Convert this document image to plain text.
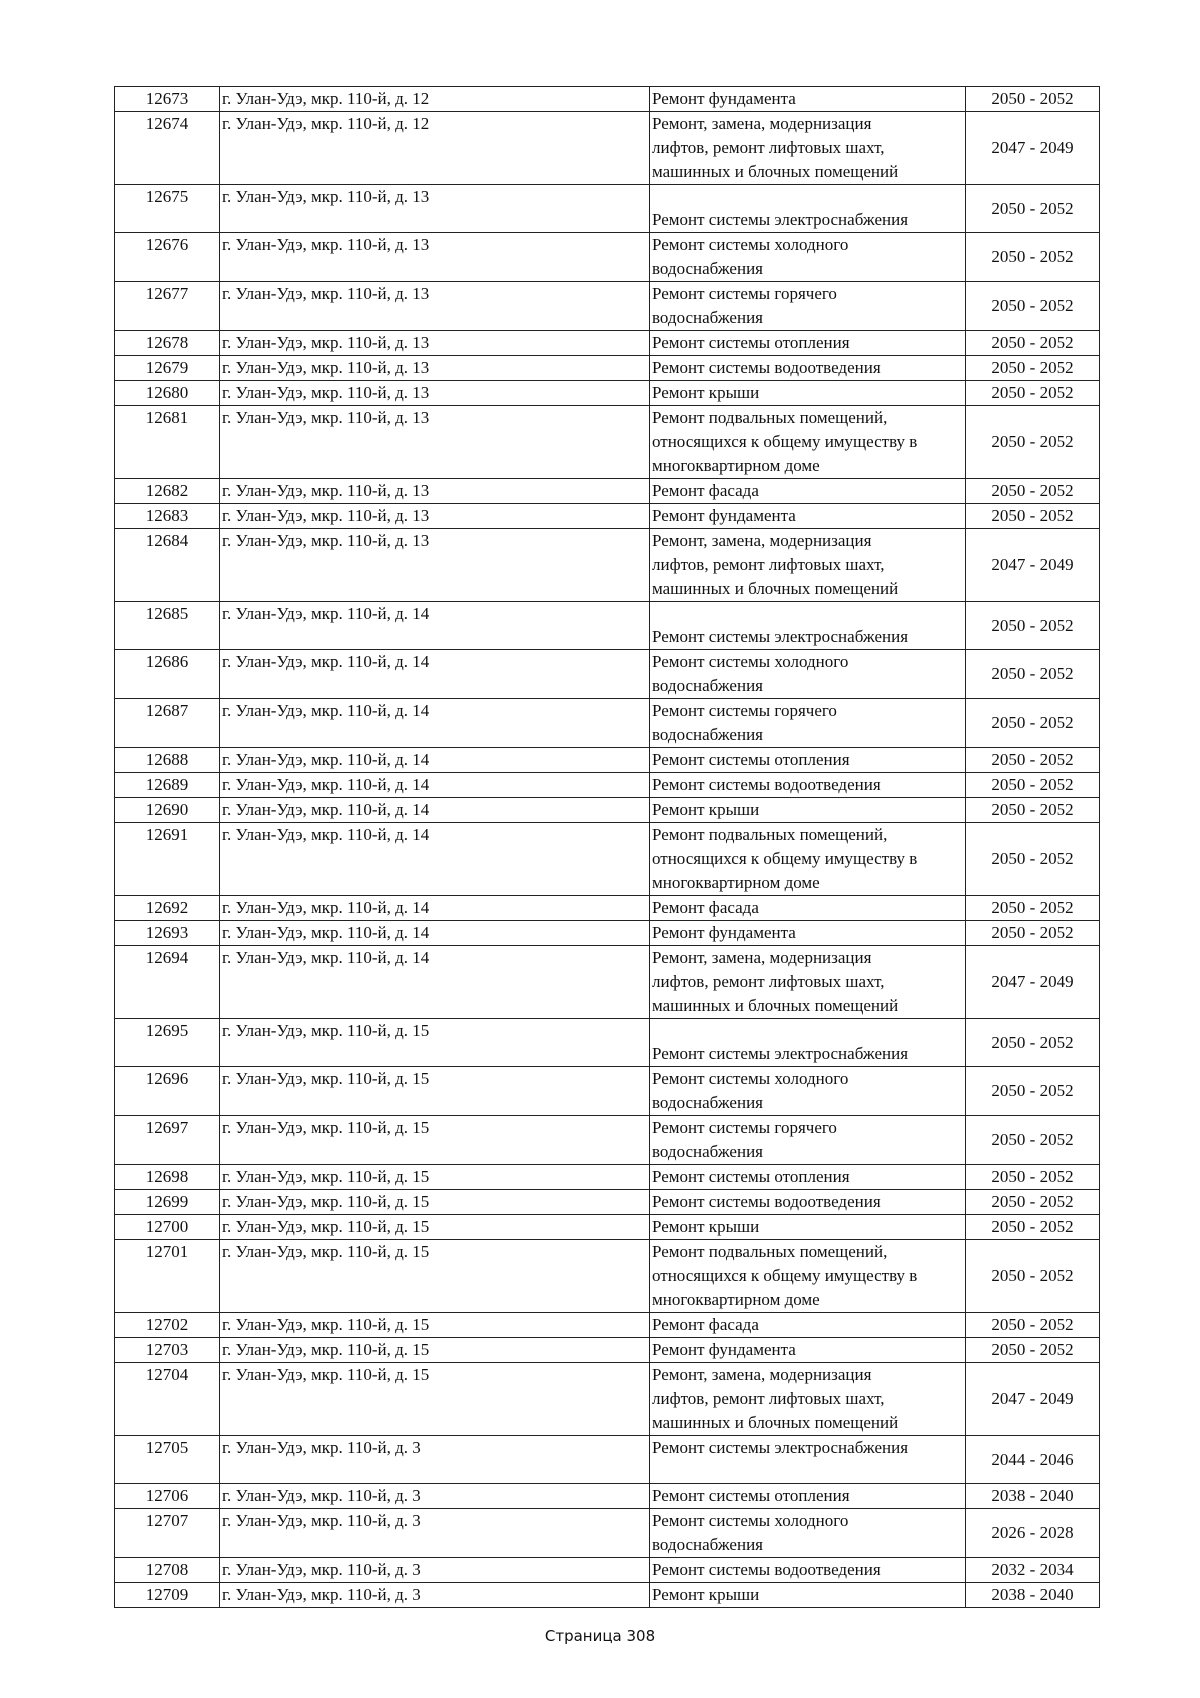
12673	г. Улан-Удэ, мкр. 110-й, д. 12	Ремонт фундамента	2050 - 2052
12674	г. Улан-Удэ, мкр. 110-й, д. 12	Ремонт, замена, модернизация
лифтов, ремонт лифтовых шахт,
машинных и блочных помещений	2047 - 2049
12675	г. Улан-Удэ, мкр. 110-й, д. 13	Ремонт системы электроснабжения	2050 - 2052
12676	г. Улан-Удэ, мкр. 110-й, д. 13	Ремонт системы холодного
водоснабжения	2050 - 2052
12677	г. Улан-Удэ, мкр. 110-й, д. 13	Ремонт системы горячего
водоснабжения	2050 - 2052
12678	г. Улан-Удэ, мкр. 110-й, д. 13	Ремонт системы отопления	2050 - 2052
12679	г. Улан-Удэ, мкр. 110-й, д. 13	Ремонт системы водоотведения	2050 - 2052
12680	г. Улан-Удэ, мкр. 110-й, д. 13	Ремонт крыши	2050 - 2052
12681	г. Улан-Удэ, мкр. 110-й, д. 13	Ремонт подвальных помещений,
относящихся к общему имуществу в
многоквартирном доме	2050 - 2052
12682	г. Улан-Удэ, мкр. 110-й, д. 13	Ремонт фасада	2050 - 2052
12683	г. Улан-Удэ, мкр. 110-й, д. 13	Ремонт фундамента	2050 - 2052
12684	г. Улан-Удэ, мкр. 110-й, д. 13	Ремонт, замена, модернизация
лифтов, ремонт лифтовых шахт,
машинных и блочных помещений	2047 - 2049
12685	г. Улан-Удэ, мкр. 110-й, д. 14	Ремонт системы электроснабжения	2050 - 2052
12686	г. Улан-Удэ, мкр. 110-й, д. 14	Ремонт системы холодного
водоснабжения	2050 - 2052
12687	г. Улан-Удэ, мкр. 110-й, д. 14	Ремонт системы горячего
водоснабжения	2050 - 2052
12688	г. Улан-Удэ, мкр. 110-й, д. 14	Ремонт системы отопления	2050 - 2052
12689	г. Улан-Удэ, мкр. 110-й, д. 14	Ремонт системы водоотведения	2050 - 2052
12690	г. Улан-Удэ, мкр. 110-й, д. 14	Ремонт крыши	2050 - 2052
12691	г. Улан-Удэ, мкр. 110-й, д. 14	Ремонт подвальных помещений,
относящихся к общему имуществу в
многоквартирном доме	2050 - 2052
12692	г. Улан-Удэ, мкр. 110-й, д. 14	Ремонт фасада	2050 - 2052
12693	г. Улан-Удэ, мкр. 110-й, д. 14	Ремонт фундамента	2050 - 2052
12694	г. Улан-Удэ, мкр. 110-й, д. 14	Ремонт, замена, модернизация
лифтов, ремонт лифтовых шахт,
машинных и блочных помещений	2047 - 2049
12695	г. Улан-Удэ, мкр. 110-й, д. 15	Ремонт системы электроснабжения	2050 - 2052
12696	г. Улан-Удэ, мкр. 110-й, д. 15	Ремонт системы холодного
водоснабжения	2050 - 2052
12697	г. Улан-Удэ, мкр. 110-й, д. 15	Ремонт системы горячего
водоснабжения	2050 - 2052
12698	г. Улан-Удэ, мкр. 110-й, д. 15	Ремонт системы отопления	2050 - 2052
12699	г. Улан-Удэ, мкр. 110-й, д. 15	Ремонт системы водоотведения	2050 - 2052
12700	г. Улан-Удэ, мкр. 110-й, д. 15	Ремонт крыши	2050 - 2052
12701	г. Улан-Удэ, мкр. 110-й, д. 15	Ремонт подвальных помещений,
относящихся к общему имуществу в
многоквартирном доме	2050 - 2052
12702	г. Улан-Удэ, мкр. 110-й, д. 15	Ремонт фасада	2050 - 2052
12703	г. Улан-Удэ, мкр. 110-й, д. 15	Ремонт фундамента	2050 - 2052
12704	г. Улан-Удэ, мкр. 110-й, д. 15	Ремонт, замена, модернизация
лифтов, ремонт лифтовых шахт,
машинных и блочных помещений	2047 - 2049
12705	г. Улан-Удэ, мкр. 110-й, д. 3	Ремонт системы электроснабжения	2044 - 2046
12706	г. Улан-Удэ, мкр. 110-й, д. 3	Ремонт системы отопления	2038 - 2040
12707	г. Улан-Удэ, мкр. 110-й, д. 3	Ремонт системы холодного
водоснабжения	2026 - 2028
12708	г. Улан-Удэ, мкр. 110-й, д. 3	Ремонт системы водоотведения	2032 - 2034
12709	г. Улан-Удэ, мкр. 110-й, д. 3	Ремонт крыши	2038 - 2040
Страница 308
